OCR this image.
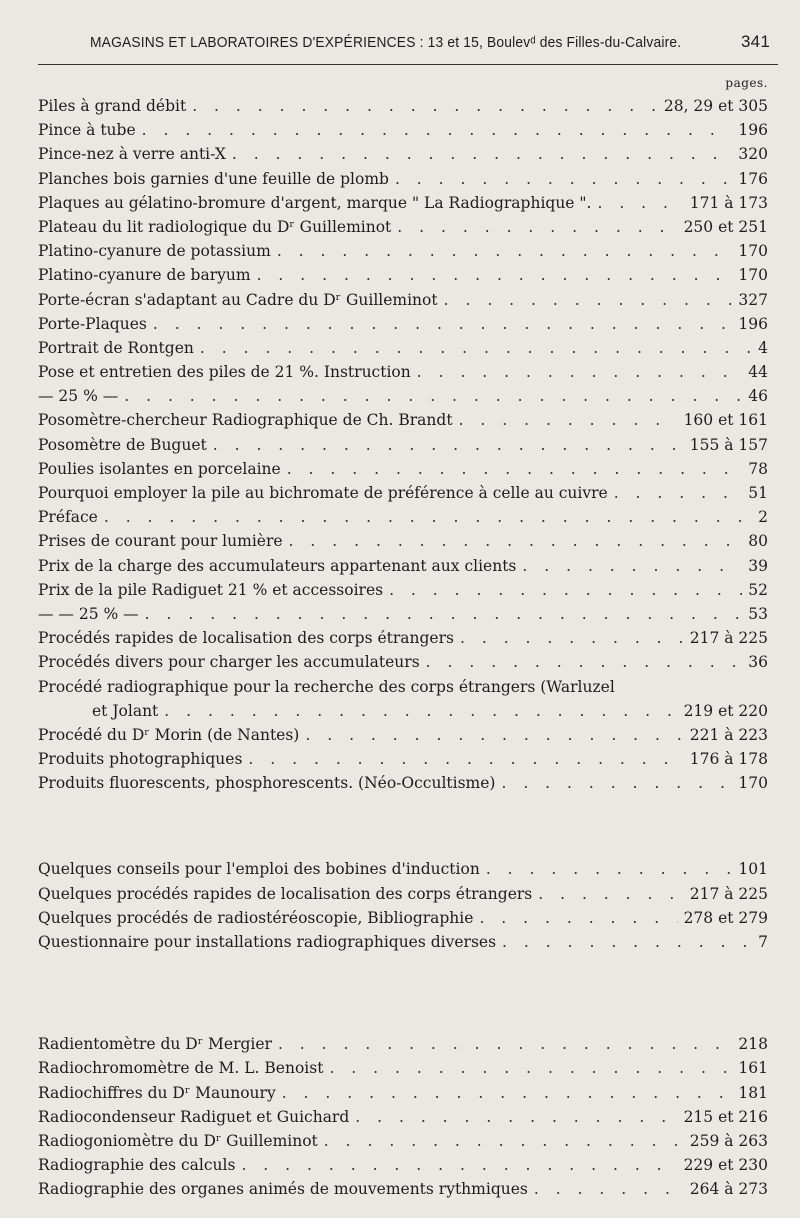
MAGASINS ET LABORATOIRES D'EXPÉRIENCES : 13 et 15, Boulevᵈ des Filles-du-Calvaire.	341
pages.
Piles à grand débit . . .	28, 29 et 305
Pince à tube . . .	196
Pince-nez à verre anti-X . . .	320
Planches bois garnies d'une feuille de plomb . . .	176
Plaques au gélatino-bromure d'argent, marque " La Radiographique ". . . .	171 à 173
Plateau du lit radiologique du Dʳ Guilleminot . . .	250 et 251
Platino-cyanure de potassium . . .	170
Platino-cyanure de baryum . . .	170
Porte-écran s'adaptant au Cadre du Dʳ Guilleminot . . .	327
Porte-Plaques . . .	196
Portrait de Rontgen . . .	4
Pose et entretien des piles de 21 %. Instruction . . .	44
— 25 % — . . .	46
Posomètre-chercheur Radiographique de Ch. Brandt . . .	160 et 161
Posomètre de Buguet . . .	155 à 157
Poulies isolantes en porcelaine . . .	78
Pourquoi employer la pile au bichromate de préférence à celle au cuivre . . .	51
Préface . . .	2
Prises de courant pour lumière . . .	80
Prix de la charge des accumulateurs appartenant aux clients . . .	39
Prix de la pile Radiguet 21 % et accessoires . . .	52
— — 25 % — . . .	53
Procédés rapides de localisation des corps étrangers . . .	217 à 225
Procédés divers pour charger les accumulateurs . . .	36
Procédé radiographique pour la recherche des corps étrangers (Warluzel
et Jolant . . .	219 et 220
Procédé du Dʳ Morin (de Nantes) . . .	221 à 223
Produits photographiques . . .	176 à 178
Produits fluorescents, phosphorescents. (Néo-Occultisme) . . .	170
Quelques conseils pour l'emploi des bobines d'induction . . .	101
Quelques procédés rapides de localisation des corps étrangers . . .	217 à 225
Quelques procédés de radiostéréoscopie, Bibliographie . . .	278 et 279
Questionnaire pour installations radiographiques diverses . . .	7
Radientomètre du Dʳ Mergier . . .	218
Radiochromomètre de M. L. Benoist . . .	161
Radiochiffres du Dʳ Maunoury . . .	181
Radiocondenseur Radiguet et Guichard . . .	215 et 216
Radiogoniomètre du Dʳ Guilleminot . . .	259 à 263
Radiographie des calculs . . .	229 et 230
Radiographie des organes animés de mouvements rythmiques . . .	264 à 273
